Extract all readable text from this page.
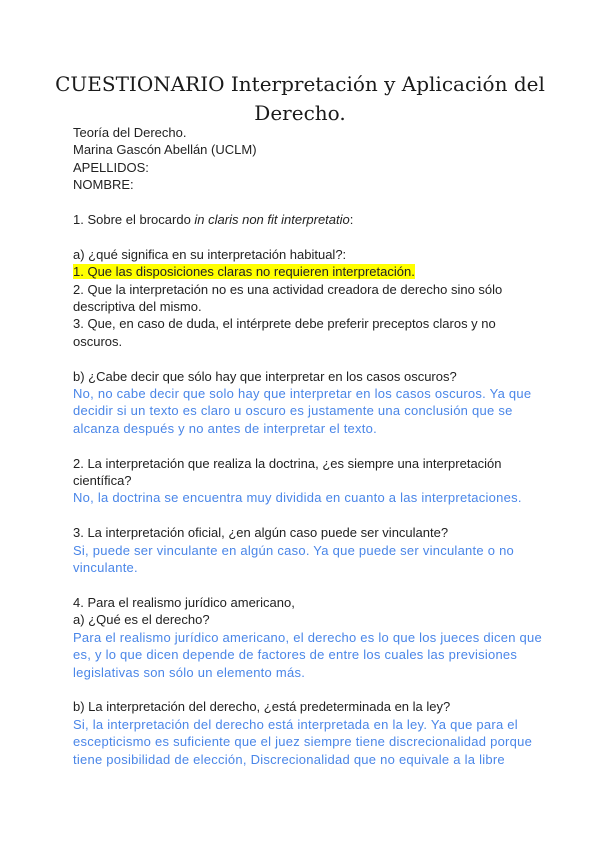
CUESTIONARIO Interpretación y Aplicación del Derecho.

Teoría del Derecho.

Marina Gascón Abellán (UCLM)

APELLIDOS:

NOMBRE:

1. Sobre el brocardo in claris non fit interpretatio:

a) ¿qué significa en su interpretación habitual?:

1. Que las disposiciones claras no requieren interpretación.

2. Que la interpretación no es una actividad creadora de derecho sino sólo descriptiva del mismo.

3. Que, en caso de duda, el intérprete debe preferir preceptos claros y no oscuros.

b) ¿Cabe decir que sólo hay que interpretar en los casos oscuros?

No, no cabe decir que solo hay que interpretar en los casos oscuros. Ya que decidir si un texto es claro u oscuro es justamente una conclusión que se alcanza después y no antes de interpretar el texto.

2. La interpretación que realiza la doctrina, ¿es siempre una interpretación científica?

No, la doctrina se encuentra muy dividida en cuanto a las interpretaciones.

3. La interpretación oficial, ¿en algún caso puede ser vinculante?

Si, puede ser vinculante en algún caso. Ya que puede ser vinculante o no vinculante.

4. Para el realismo jurídico americano,

a) ¿Qué es el derecho?

Para el realismo jurídico americano, el derecho es lo que los jueces dicen que es, y lo que dicen depende de factores de entre los cuales las previsiones legislativas son sólo un elemento más.

b) La interpretación del derecho, ¿está predeterminada en la ley?

Si, la interpretación del derecho está interpretada en la ley. Ya que para el escepticismo es suficiente que el juez siempre tiene discrecionalidad porque tiene posibilidad de elección, Discrecionalidad que no equivale a la libre
